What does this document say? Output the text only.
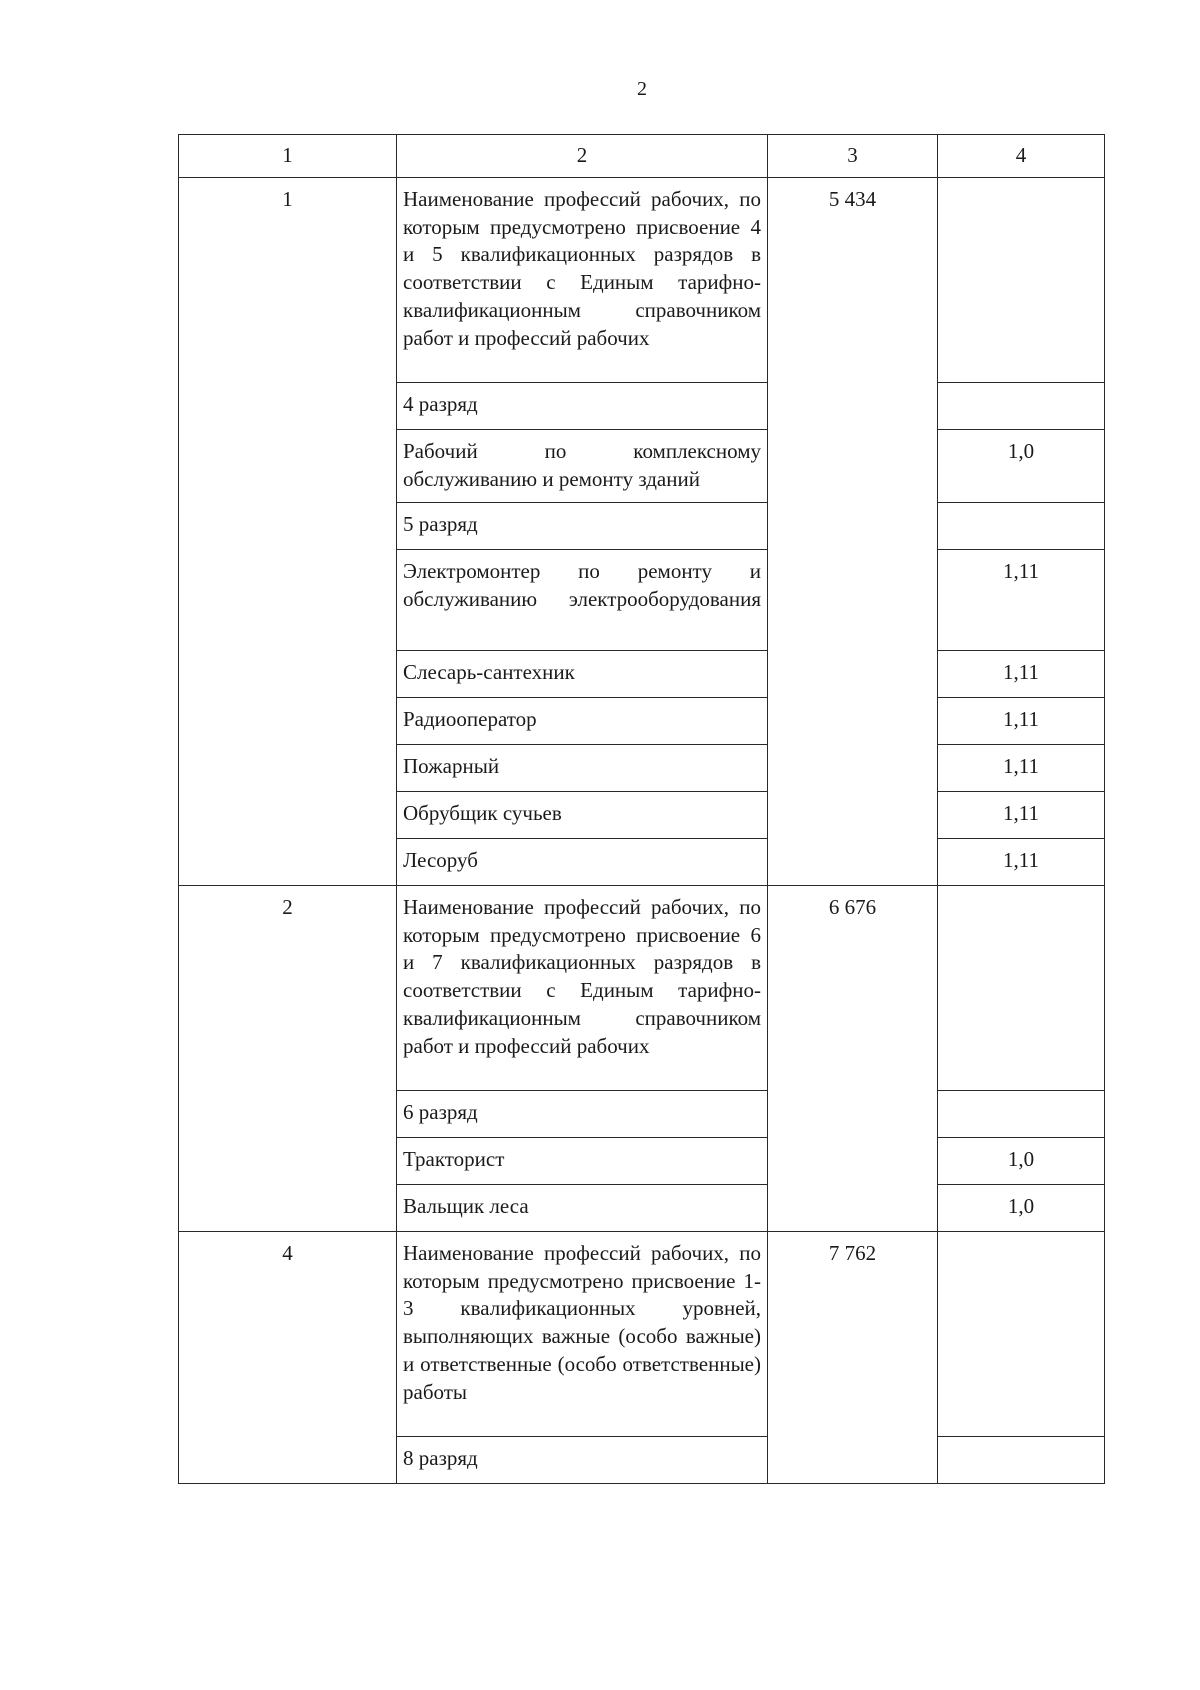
2
1	2	3	4
1	Наименование профессий рабочих, по которым предусмотрено присвоение 4 и 5 квалификационных разрядов в соответствии с Единым тарифно-квалификационным справочником работ и профессий рабочих	5 434	
	4 разряд		
	Рабочий по комплексному обслуживанию и ремонту зданий		1,0
	5 разряд		

	Электромонтер по ремонту и обслуживанию электрооборудования		1,11
	Слесарь-сантехник		1,11
	Радиооператор		1,11
	Пожарный		1,11
	Обрубщик сучьев		1,11
	Лесоруб		1,11
2	Наименование профессий рабочих, по которым предусмотрено присвоение 6 и 7 квалификационных разрядов в соответствии с Единым тарифно-квалификационным справочником работ и профессий рабочих	6 676	
	6 разряд		
	Тракторист		1,0
	Вальщик леса		1,0
4	Наименование профессий рабочих, по которым предусмотрено присвоение 1-3 квалификационных уровней, выполняющих важные (особо важные) и ответственные (особо ответственные) работы	7 762	
	8 разряд		
